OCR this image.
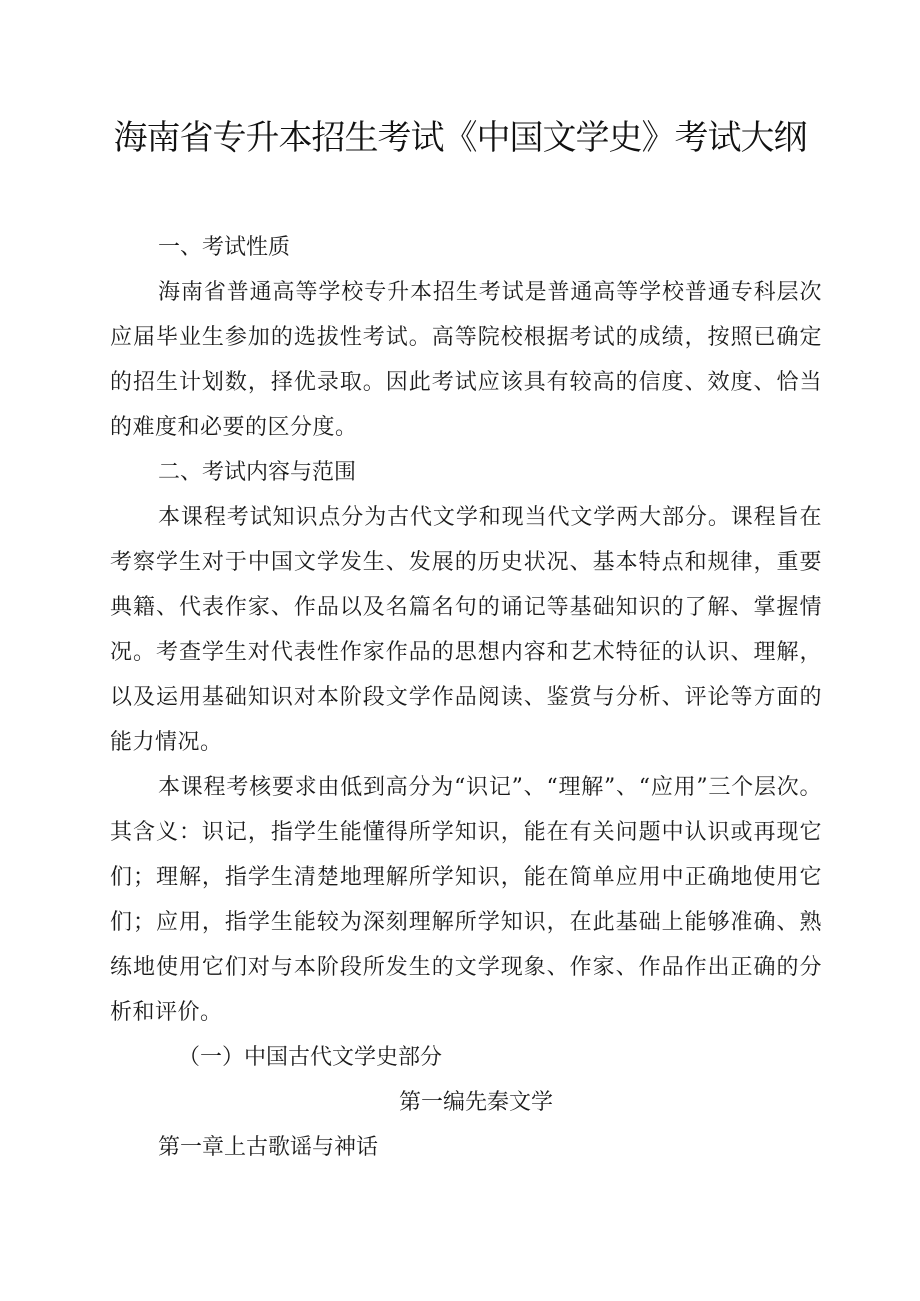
海南省专升本招生考试《中国文学史》考试大纲
一、考试性质

海南省普通高等学校专升本招生考试是普通高等学校普通专科层次应届毕业生参加的选拔性考试。高等院校根据考试的成绩，按照已确定的招生计划数，择优录取。因此考试应该具有较高的信度、效度、恰当的难度和必要的区分度。

二、考试内容与范围

本课程考试知识点分为古代文学和现当代文学两大部分。课程旨在考察学生对于中国文学发生、发展的历史状况、基本特点和规律，重要典籍、代表作家、作品以及名篇名句的诵记等基础知识的了解、掌握情况。考查学生对代表性作家作品的思想内容和艺术特征的认识、理解，以及运用基础知识对本阶段文学作品阅读、鉴赏与分析、评论等方面的能力情况。

本课程考核要求由低到高分为“识记”、“理解”、“应用”三个层次。其含义：识记，指学生能懂得所学知识，能在有关问题中认识或再现它们；理解，指学生清楚地理解所学知识，能在简单应用中正确地使用它们；应用，指学生能较为深刻理解所学知识，在此基础上能够准确、熟练地使用它们对与本阶段所发生的文学现象、作家、作品作出正确的分析和评价。

（一）中国古代文学史部分
第一编先秦文学
第一章上古歌谣与神话
